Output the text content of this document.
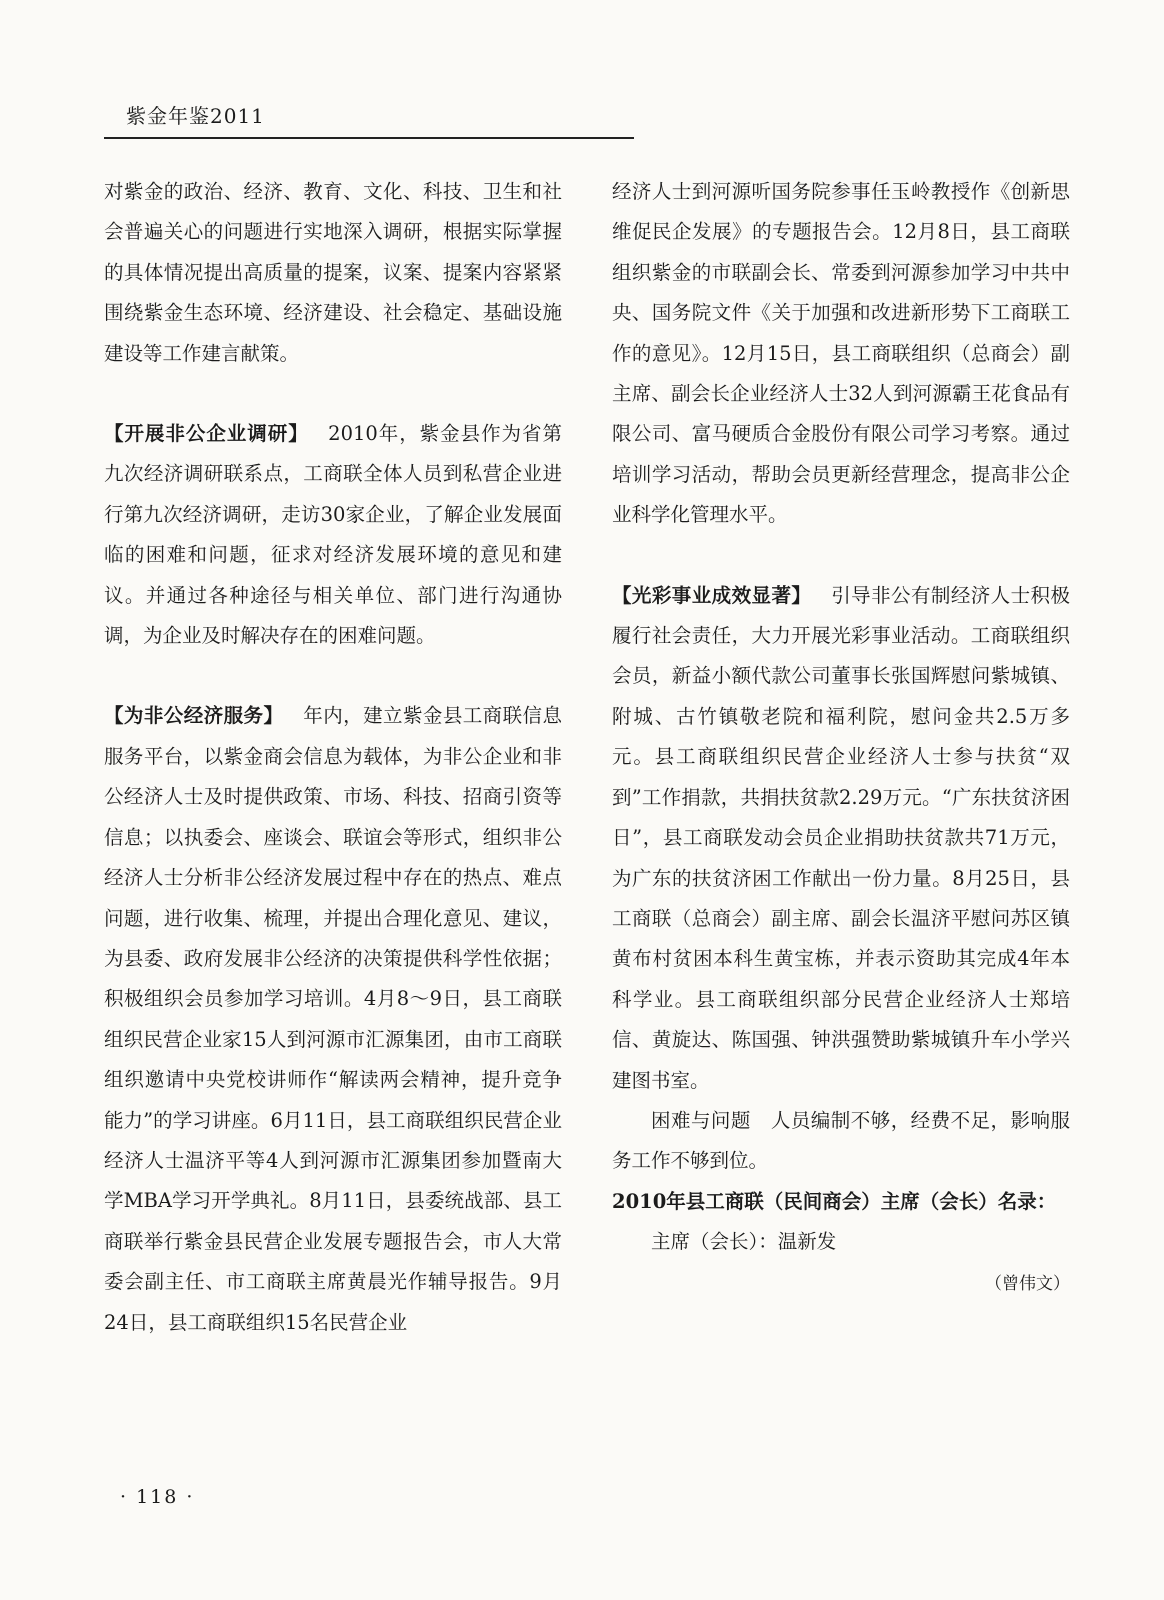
紫金年鉴2011

对紫金的政治、经济、教育、文化、科技、卫生和社会普遍关心的问题进行实地深入调研，根据实际掌握的具体情况提出高质量的提案，议案、提案内容紧紧围绕紫金生态环境、经济建设、社会稳定、基础设施建设等工作建言献策。

【开展非公企业调研】  2010年，紫金县作为省第九次经济调研联系点，工商联全体人员到私营企业进行第九次经济调研，走访30家企业，了解企业发展面临的困难和问题，征求对经济发展环境的意见和建议。并通过各种途径与相关单位、部门进行沟通协调，为企业及时解决存在的困难问题。

【为非公经济服务】  年内，建立紫金县工商联信息服务平台，以紫金商会信息为载体，为非公企业和非公经济人士及时提供政策、市场、科技、招商引资等信息；以执委会、座谈会、联谊会等形式，组织非公经济人士分析非公经济发展过程中存在的热点、难点问题，进行收集、梳理，并提出合理化意见、建议，为县委、政府发展非公经济的决策提供科学性依据；积极组织会员参加学习培训。4月8～9日，县工商联组织民营企业家15人到河源市汇源集团，由市工商联组织邀请中央党校讲师作“解读两会精神，提升竞争能力”的学习讲座。6月11日，县工商联组织民营企业经济人士温济平等4人到河源市汇源集团参加暨南大学MBA学习开学典礼。8月11日，县委统战部、县工商联举行紫金县民营企业发展专题报告会，市人大常委会副主任、市工商联主席黄晨光作辅导报告。9月24日，县工商联组织15名民营企业

经济人士到河源听国务院参事任玉岭教授作《创新思维促民企发展》的专题报告会。12月8日，县工商联组织紫金的市联副会长、常委到河源参加学习中共中央、国务院文件《关于加强和改进新形势下工商联工作的意见》。12月15日，县工商联组织（总商会）副主席、副会长企业经济人士32人到河源霸王花食品有限公司、富马硬质合金股份有限公司学习考察。通过培训学习活动，帮助会员更新经营理念，提高非公企业科学化管理水平。

【光彩事业成效显著】  引导非公有制经济人士积极履行社会责任，大力开展光彩事业活动。工商联组织会员，新益小额代款公司董事长张国辉慰问紫城镇、附城、古竹镇敬老院和福利院，慰问金共2.5万多元。县工商联组织民营企业经济人士参与扶贫“双到”工作捐款，共捐扶贫款2.29万元。“广东扶贫济困日”，县工商联发动会员企业捐助扶贫款共71万元，为广东的扶贫济困工作献出一份力量。8月25日，县工商联（总商会）副主席、副会长温济平慰问苏区镇黄布村贫困本科生黄宝栋，并表示资助其完成4年本科学业。县工商联组织部分民营企业经济人士郑培信、黄旋达、陈国强、钟洪强赞助紫城镇升车小学兴建图书室。

困难与问题  人员编制不够，经费不足，影响服务工作不够到位。

2010年县工商联（民间商会）主席（会长）名录：

主席（会长）：温新发

（曾伟文）
· 118 ·
